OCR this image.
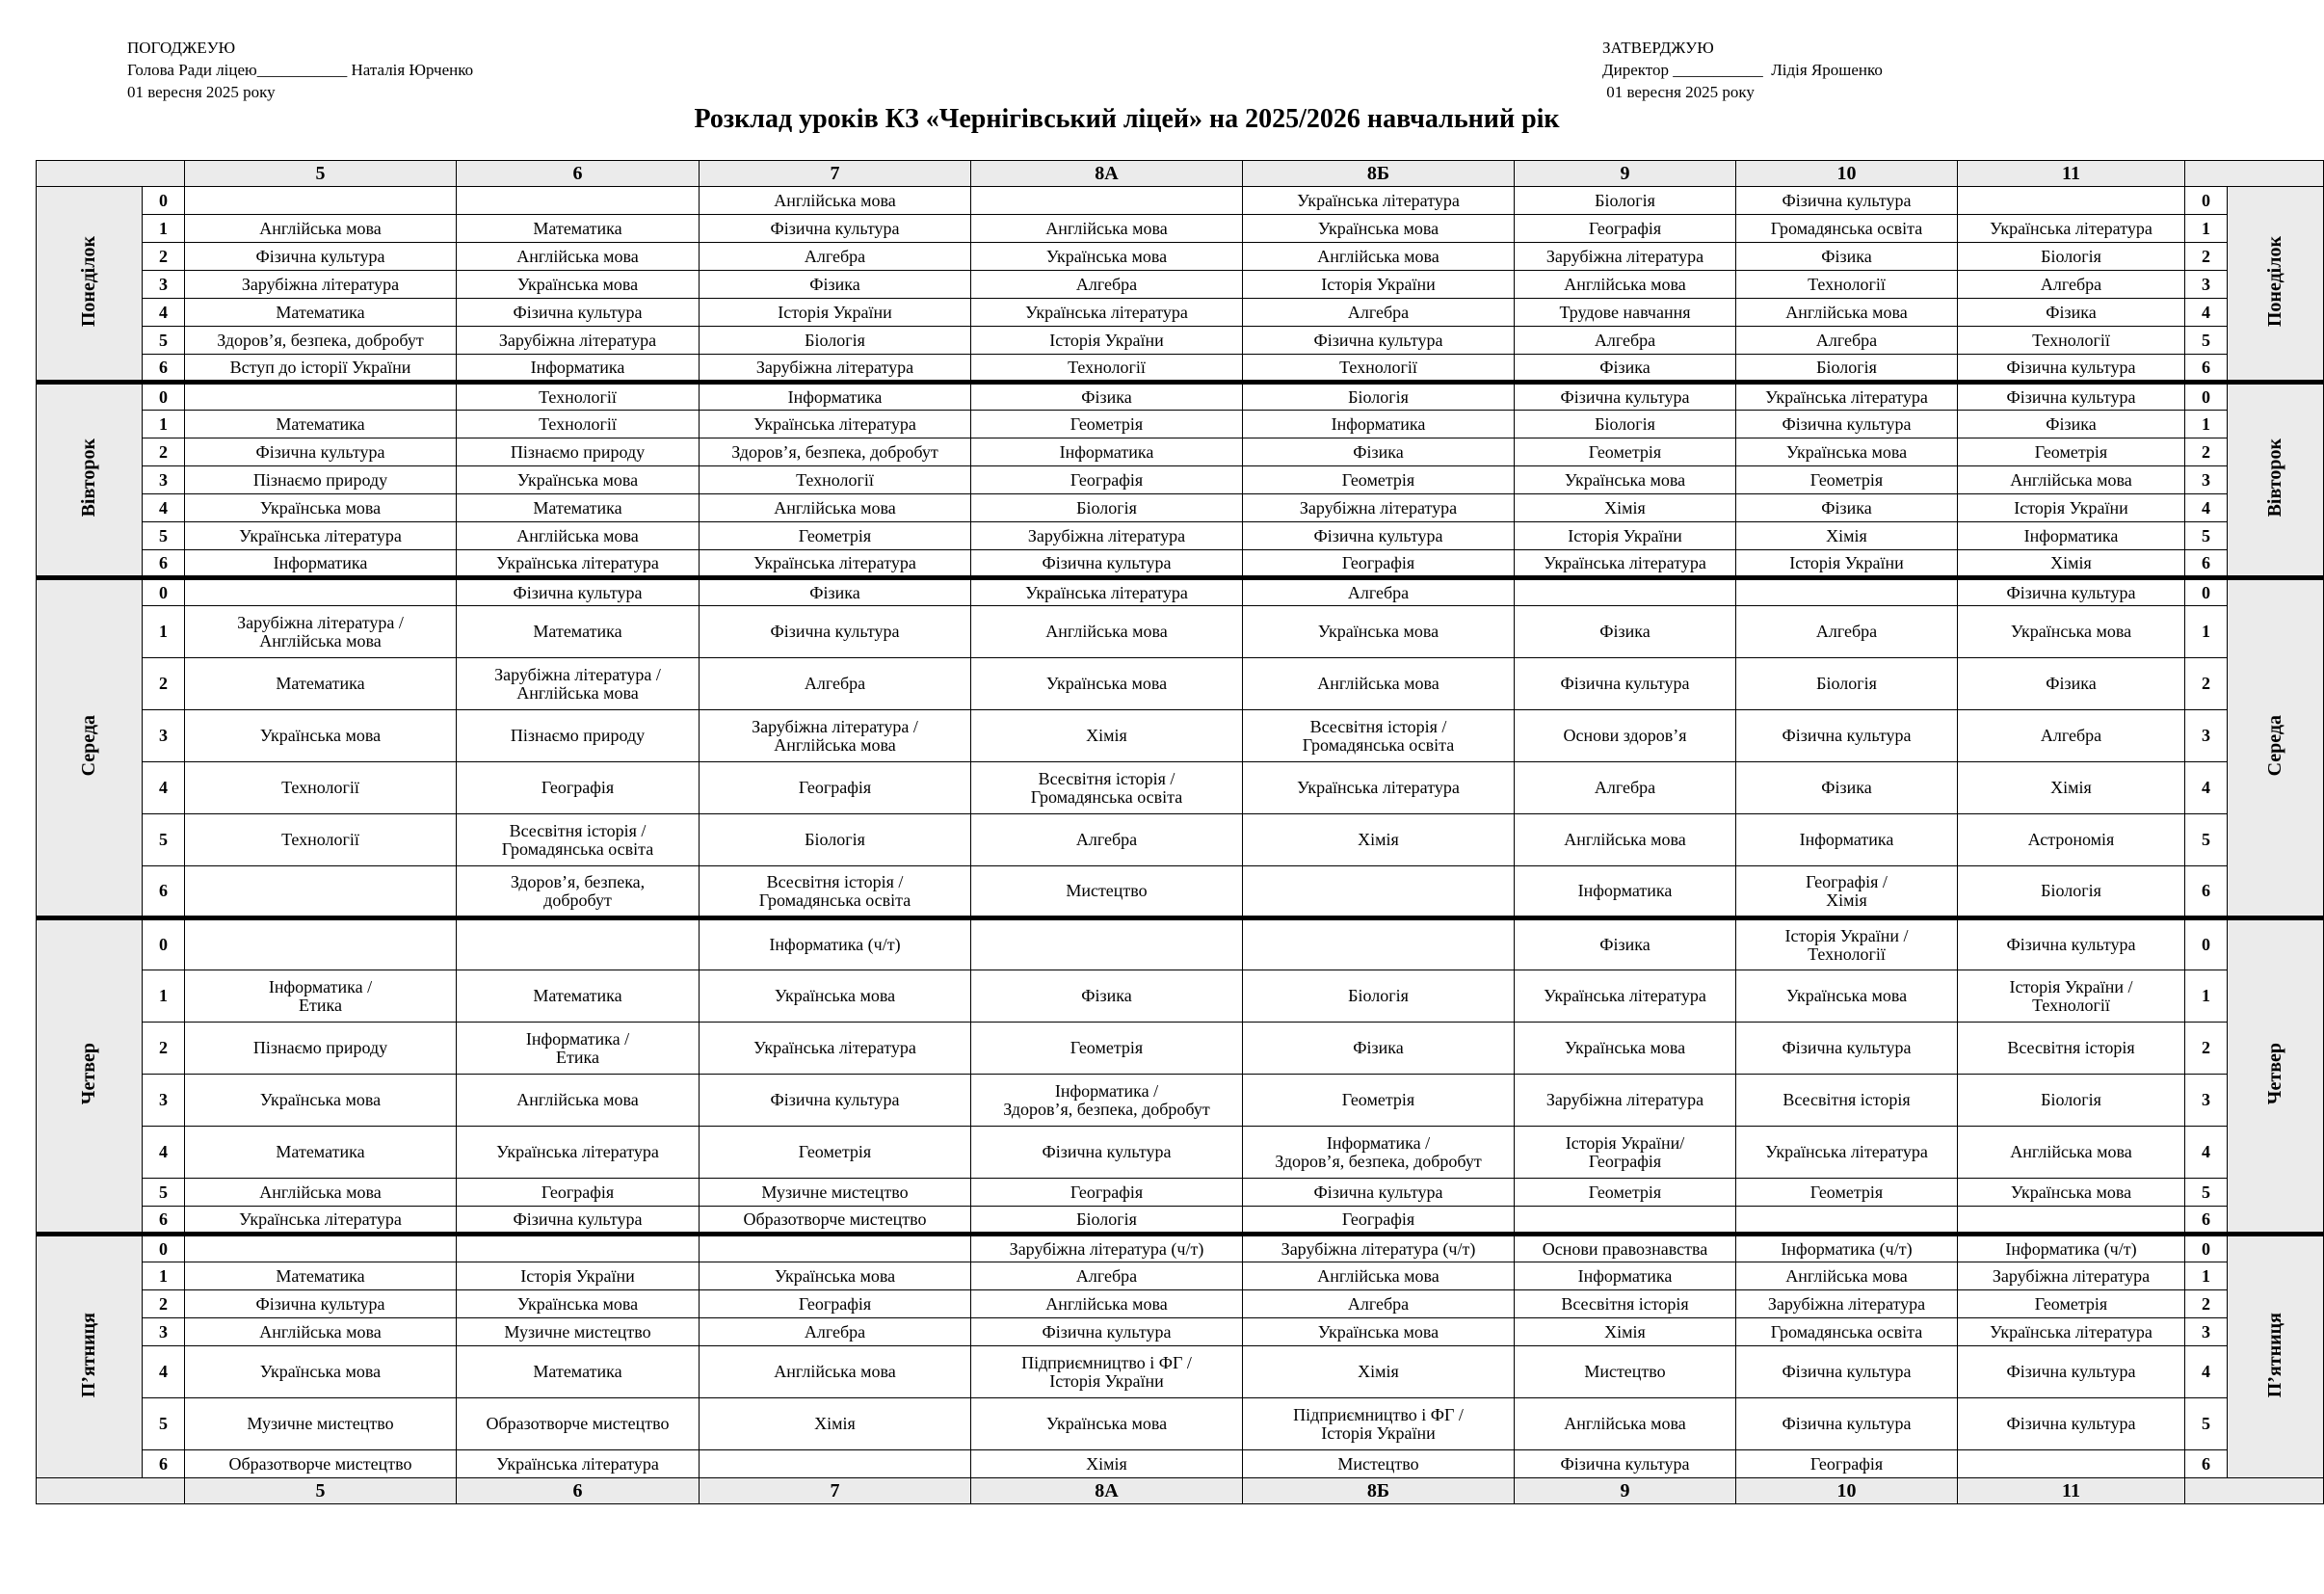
ПОГОДЖЕУЮ
Голова Ради ліцею___________ Наталія Юрченко
01 вересня 2025 року
ЗАТВЕРДЖУЮ
Директор ___________  Лідія Ярошенко
01 вересня 2025 року
Розклад уроків КЗ «Чернігівський ліцей» на 2025/2026 навчальний рік
		5	6	7	8А	8Б	9	10	11		
Понеділок	0			Англійська мова		Українська література	Біологія	Фізична культура		0	Понеділок
	1	Англійська мова	Математика	Фізична культура	Англійська мова	Українська мова	Географія	Громадянська освіта	Українська література	1	
	2	Фізична культура	Англійська мова	Алгебра	Українська мова	Англійська мова	Зарубіжна література	Фізика	Біологія	2	
	3	Зарубіжна література	Українська мова	Фізика	Алгебра	Історія України	Англійська мова	Технології	Алгебра	3	
	4	Математика	Фізична культура	Історія України	Українська література	Алгебра	Трудове навчання	Англійська мова	Фізика	4	
	5	Здоров’я, безпека, добробут	Зарубіжна література	Біологія	Історія України	Фізична культура	Алгебра	Алгебра	Технології	5	
	6	Вступ до історії України	Інформатика	Зарубіжна література	Технології	Технології	Фізика	Біологія	Фізична культура	6	
Вівторок	0		Технології	Інформатика	Фізика	Біологія	Фізична культура	Українська література	Фізична культура	0	Вівторок
	1	Математика	Технології	Українська література	Геометрія	Інформатика	Біологія	Фізична культура	Фізика	1	
	2	Фізична культура	Пізнаємо природу	Здоров’я, безпека, добробут	Інформатика	Фізика	Геометрія	Українська мова	Геометрія	2	
	3	Пізнаємо природу	Українська мова	Технології	Географія	Геометрія	Українська мова	Геометрія	Англійська мова	3	
	4	Українська мова	Математика	Англійська мова	Біологія	Зарубіжна література	Хімія	Фізика	Історія України	4	
	5	Українська література	Англійська мова	Геометрія	Зарубіжна література	Фізична культура	Історія України	Хімія	Інформатика	5	
	6	Інформатика	Українська література	Українська література	Фізична культура	Географія	Українська література	Історія України	Хімія	6	
Середа	0		Фізична культура	Фізика	Українська література	Алгебра			Фізична культура	0	Середа
	1	Зарубіжна література /
Англійська мова	Математика	Фізична культура	Англійська мова	Українська мова	Фізика	Алгебра	Українська мова	1	
	2	Математика	Зарубіжна література /
Англійська мова	Алгебра	Українська мова	Англійська мова	Фізична культура	Біологія	Фізика	2	
	3	Українська мова	Пізнаємо природу	Зарубіжна література /
Англійська мова	Хімія	Всесвітня історія /
Громадянська освіта	Основи здоров’я	Фізична культура	Алгебра	3	
	4	Технології	Географія	Географія	Всесвітня історія /
Громадянська освіта	Українська література	Алгебра	Фізика	Хімія	4	
	5	Технології	Всесвітня історія /
Громадянська освіта	Біологія	Алгебра	Хімія	Англійська мова	Інформатика	Астрономія	5	
	6		Здоров’я, безпека,
добробут	Всесвітня історія /
Громадянська освіта	Мистецтво		Інформатика	Географія /
Хімія	Біологія	6	
Четвер	0			Інформатика (ч/т)			Фізика	Історія України /
Технології	Фізична культура	0	Четвер
	1	Інформатика /
Етика	Математика	Українська мова	Фізика	Біологія	Українська література	Українська мова	Історія України /
Технології	1	
	2	Пізнаємо природу	Інформатика /
Етика	Українська література	Геометрія	Фізика	Українська мова	Фізична культура	Всесвітня історія	2	
	3	Українська мова	Англійська мова	Фізична культура	Інформатика /
Здоров’я, безпека, добробут	Геометрія	Зарубіжна література	Всесвітня історія	Біологія	3	
	4	Математика	Українська література	Геометрія	Фізична культура	Інформатика /
Здоров’я, безпека, добробут	Історія України/
Географія	Українська література	Англійська мова	4	
	5	Англійська мова	Географія	Музичне мистецтво	Географія	Фізична культура	Геометрія	Геометрія	Українська мова	5	
	6	Українська література	Фізична культура	Образотворче мистецтво	Біологія	Географія				6	
П’ятниця	0				Зарубіжна література (ч/т)	Зарубіжна література (ч/т)	Основи правознавства	Інформатика (ч/т)	Інформатика (ч/т)	0	П’ятниця
	1	Математика	Історія України	Українська мова	Алгебра	Англійська мова	Інформатика	Англійська мова	Зарубіжна література	1	
	2	Фізична культура	Українська мова	Географія	Англійська мова	Алгебра	Всесвітня історія	Зарубіжна література	Геометрія	2	
	3	Англійська мова	Музичне мистецтво	Алгебра	Фізична культура	Українська мова	Хімія	Громадянська освіта	Українська література	3	
	4	Українська мова	Математика	Англійська мова	Підприємництво і ФГ /
Історія України	Хімія	Мистецтво	Фізична культура	Фізична культура	4	
	5	Музичне мистецтво	Образотворче мистецтво	Хімія	Українська мова	Підприємництво і ФГ /
Історія України	Англійська мова	Фізична культура	Фізична культура	5	
	6	Образотворче мистецтво	Українська література		Хімія	Мистецтво	Фізична культура	Географія		6	
		5	6	7	8А	8Б	9	10	11		
